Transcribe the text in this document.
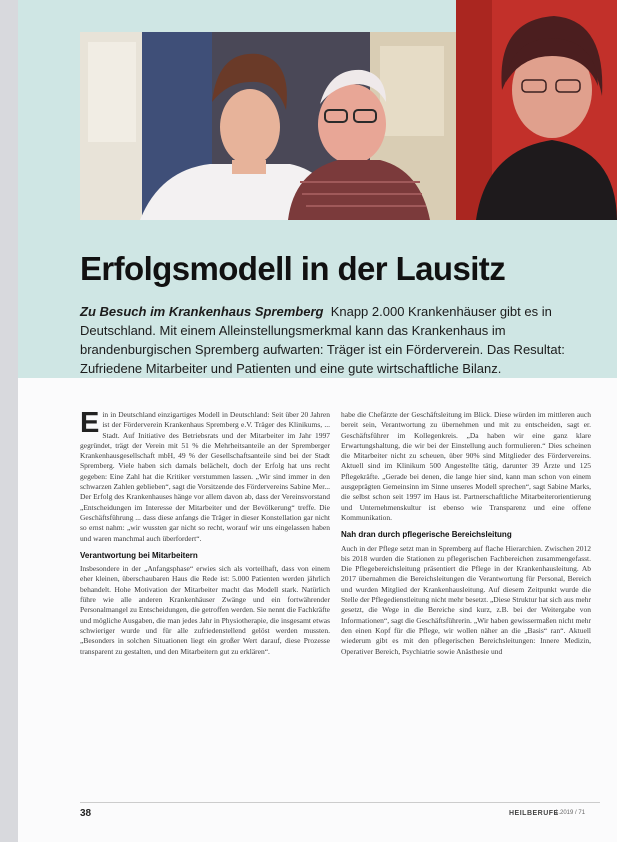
Erfolgsmodell in der Lausitz

Zu Besuch im Krankenhaus Spremberg Knapp 2.000 Krankenhäuser gibt es in Deutschland. Mit einem Alleinstellungsmerkmal kann das Krankenhaus im brandenburgischen Spremberg aufwarten: Träger ist ein Förderverein. Das Resultat: Zufriedene Mitarbeiter und Patienten und eine gute wirtschaftliche Bilanz.

Ein in Deutschland einzigartiges Modell in Deutschland: Seit über 20 Jahren ist der Förderverein Krankenhaus Spremberg e.V. Träger des Klinikums, ... Stadt. Auf Initiative des Betriebsrats und der Mitarbeiter im Jahr 1997 gegründet, trägt der Verein mit 51 % die Mehrheitsanteile an der Spremberger Krankenhausgesellschaft mbH, 49 % der Gesellschaftsanteile sind bei der Stadt Spremberg. Viele haben sich damals belächelt, doch der Erfolg hat uns recht gegeben: Eine Zahl hat die Kritiker verstummen lassen. „Wir sind immer in den schwarzen Zahlen geblieben“, sagt die Vorsitzende des Fördervereins Sabine Mer... Der Erfolg des Krankenhauses hänge vor allem davon ab, dass der Vereinsvorstand „Entscheidungen im Interesse der Mitarbeiter und der Bevölkerung“ treffe. Die Geschäftsführung ... dass diese anfangs die Träger in dieser Konstellation gar nicht so ernst nahm: „wir wussten gar nicht so recht, worauf wir uns eingelassen haben und waren manchmal auch überfordert“.

Verantwortung bei Mitarbeitern

Insbesondere in der „Anfangsphase“ erwies sich als vorteilhaft, dass von einem eher kleinen, überschaubaren Haus die Rede ist: 5.000 Patienten werden jährlich behandelt. Hohe Motivation der Mitarbeiter macht das Modell stark. Natürlich führe wie alle anderen Krankenhäuser Zwänge und ein fortwährender Personalmangel zu Entscheidungen, die getroffen werden. Sie nennt die Fachkräfte und mögliche Ausgaben, die man jedes Jahr in Physiotherapie, die insgesamt etwas schwieriger wurde und für alle zufriedenstellend gelöst werden mussten. „Besonders in solchen Situationen liegt ein großer Wert darauf, diese Prozesse transparent zu gestalten, und den Mitarbeitern gut zu erklären“.

habe die Chefärzte der Geschäftsleitung im Blick. Diese würden im mittleren auch bereit sein, Verantwortung zu übernehmen und mit zu entscheiden, sagt er. Geschäftsführer im Kollegenkreis. „Da haben wir eine ganz klare Erwartungshaltung, die wir bei der Einstellung auch formulieren.“ Dies scheinen die Mitarbeiter nicht zu scheuen, über 90% sind Mitglieder des Fördervereins. Aktuell sind im Klinikum 500 Angestellte tätig, darunter 39 Ärzte und 125 Pflegekräfte. „Gerade bei denen, die lange hier sind, kann man schon von einem ausgeprägten Gemeinsinn im Sinne unseres Modell sprechen“, sagt Sabine Marks, die selbst schon seit 1997 im Haus ist. Partnerschaftliche Mitarbeiterorientierung und Unternehmenskultur ist ebenso wie Transparenz und eine offene Kommunikation.

Nah dran durch pflegerische Bereichsleitung

Auch in der Pflege setzt man in Spremberg auf flache Hierarchien. Zwischen 2012 bis 2018 wurden die Stationen zu pflegerischen Fachbereichen zusammengefasst. Die Pflegebereichsleitung präsentiert die Pflege in der Krankenhausleitung. Ab 2017 übernahmen die Bereichsleitungen die Verantwortung für Personal, Bereich und wurden Mitglied der Krankenhausleitung. Auf diesem Zeitpunkt wurde die Stelle der Pflegedienstleitung nicht mehr besetzt. „Diese Struktur hat sich aus mehr gesetzt, die Wege in die Bereiche sind kurz, z.B. bei der Weitergabe von Informationen“, sagt die Geschäftsführerin. „Wir haben gewissermaßen nicht mehr den einen Kopf für die Pflege, wir wollen näher an die „Basis“ ran“. Aktuell wiederum gibt es mit den pflegerischen Bereichsleitungen: Innere Medizin, Operativer Bereich, Psychiatrie sowie Anästhesie und

38	HEILBERUFE
1.2019 / 71
